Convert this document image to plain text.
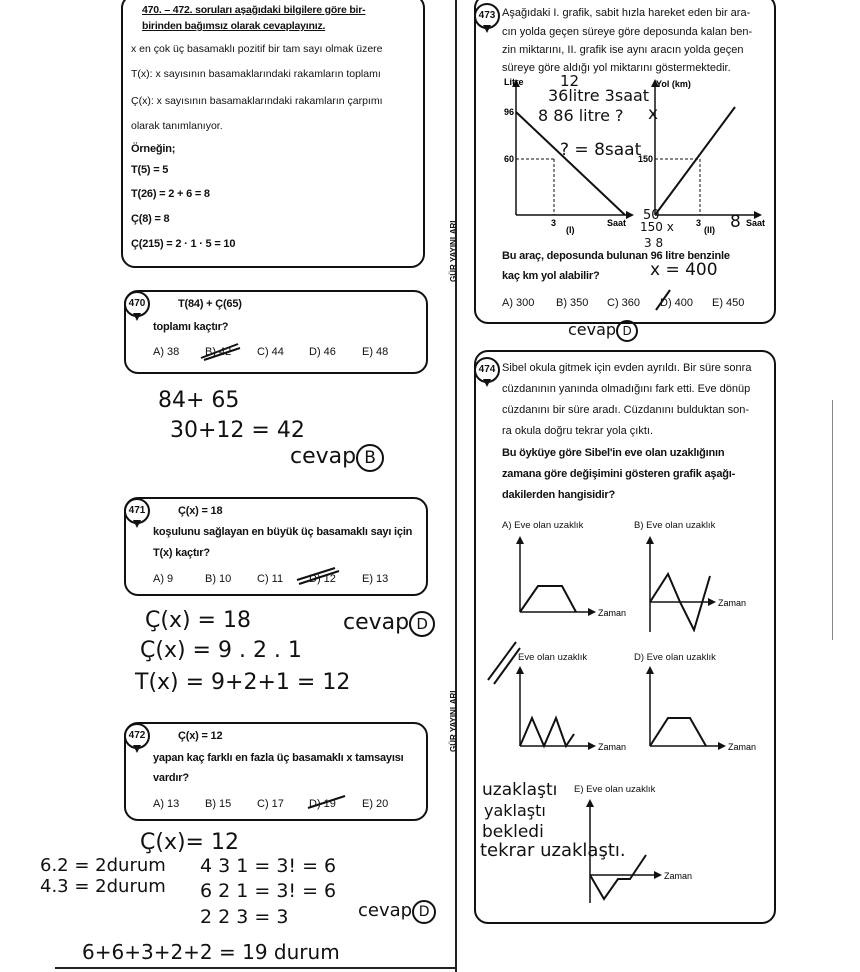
GÜR YAYINLARI
GÜR YAYINLARI
470. – 472. soruları aşağıdaki bilgilere göre bir-
birinden bağımsız olarak cevaplayınız.
x en çok üç basamaklı pozitif bir tam sayı olmak üzere
T(x): x sayısının basamaklarındaki rakamların toplamı
Ç(x): x sayısının basamaklarındaki rakamların çarpımı
olarak tanımlanıyor.
Örneğin;
T(5) = 5
T(26) = 2 + 6 = 8
Ç(8) = 8
Ç(215) = 2 · 1 · 5 = 10
470	T(84) + Ç(65)
toplamı kaçtır?
A) 38 B) 42 C) 44 D) 46 E) 48
84+ 65
30+12 = 42
cevap B
471	Ç(x) = 18
koşulunu sağlayan en büyük üç basamaklı sayı için
T(x) kaçtır?
A) 9	B) 10 C) 11 D) 12 E) 13
Ç(x) = 18	cevap D
Ç(x) = 9 . 2 . 1
T(x) = 9+2+1 = 12
472	Ç(x) = 12
yapan kaç farklı en fazla üç basamaklı x tamsayısı
vardır?
A) 13 B) 15 C) 17 D) 19 E) 20
Ç(x)= 12
6.2 = 2durum
4.3 = 2durum
4 3 1 = 3! = 6
6 2 1 = 3! = 6
2 2 3 = 3	cevap D
6+6+3+2+2 = 19 durum
473 Aşağıdaki I. grafik, sabit hızla hareket eden bir ara-
cın yolda geçen süreye göre deposunda kalan ben-
zin miktarını, II. grafik ise aynı aracın yolda geçen
süreye göre aldığı yol miktarını göstermektedir.
Litre
96
60
3	Saat
(I)
Yol (km)
150
3	Saat
(II)
12
36litre 3saat
8 86 litre ?
? = 8saat
x
50
150 x
3 8
8
Bu araç, deposunda bulunan 96 litre benzinle
kaç km yol alabilir?	x = 400
A) 300 B) 350 C) 360 D) 400 E) 450
cevap D
474 Sibel okula gitmek için evden ayrıldı. Bir süre sonra
cüzdanının yanında olmadığını fark etti. Eve dönüp
cüzdanını bir süre aradı. Cüzdanını bulduktan son-
ra okula doğru tekrar yola çıktı.
Bu öyküye göre Sibel'in eve olan uzaklığının
zamana göre değişimini gösteren grafik aşağı-
dakilerden hangisidir?
A) Eve olan uzaklık
Zaman
B) Eve olan uzaklık
Zaman
Eve olan uzaklık
Zaman
D) Eve olan uzaklık
Zaman
E) Eve olan uzaklık
Zaman
uzaklaştı
yaklaştı
bekledi
tekrar uzaklaştı.
